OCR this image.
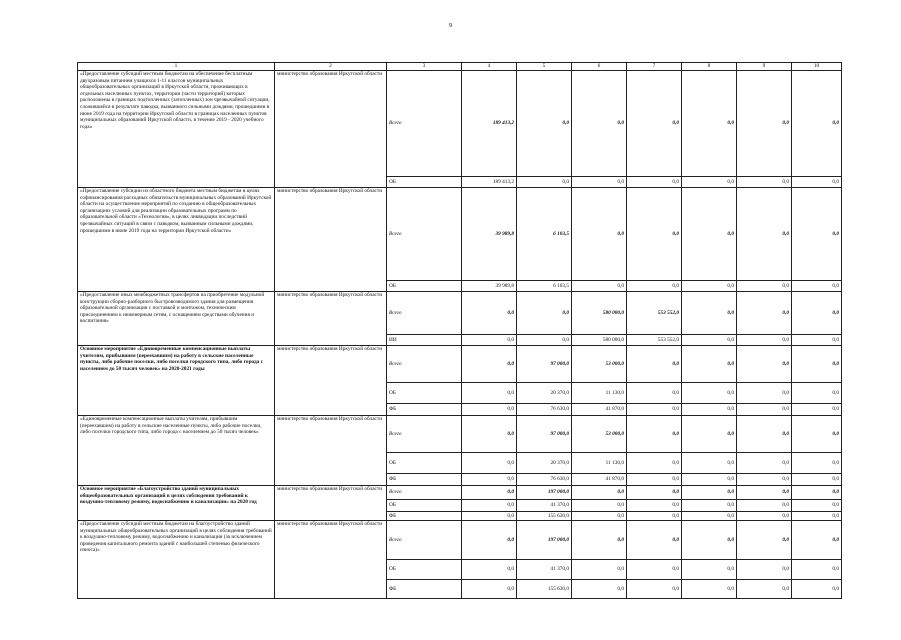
9
1	2	3	4	5	6	7	8	9	10
«Предоставление субсидий местным бюджетам на обеспечение бесплатным двухразовым питанием учащихся 1-11 классов муниципальных общеобразовательных организаций в Иркутской области, проживающих в отдельных населенных пунктах, территории (части территорий) которых расположены в границах подтопленных (затопленных) зон чрезвычайной ситуации, сложившейся в результате паводка, вызванного сильными дождями, прошедшими в июне 2019 года на территории Иркутской области в границах населенных пунктов муниципальных образований Иркутской области, в течение 2019 - 2020 учебного года»	министерство образования Иркутской области	Всего	189 413,2	0,0	0,0	0,0	0,0	0,0	0,0
		ОБ	189 413,2	0,0	0,0	0,0	0,0	0,0	0,0
«Предоставление субсидии из областного бюджета местным бюджетам в целях софинансирования расходных обязательств муниципальных образований Иркутской области на осуществление мероприятий по созданию в общеобразовательных организациях условий для реализации образовательных программ по образовательной области «Технология», в целях ликвидации последствий чрезвычайных ситуаций в связи с паводком, вызванным сильными дождями, прошедшими в июне 2019 года на территории Иркутской области»	министерство образования Иркутской области	Всего	39 989,8	6 103,5	0,0	0,0	0,0	0,0	0,0
		ОБ	39 989,8	6 103,5	0,0	0,0	0,0	0,0	0,0
«Предоставление иных межбюджетных трансфертов на приобретение модульной конструкции сборно-разборного быстровозводимого здания для размещения образовательной организации с поставкой и монтажом, техническим присоединением к инженерным сетям, с оснащением средствами обучения и воспитания»	министерство образования Иркутской области	Всего	0,0	0,0	580 000,0	553 552,0	0,0	0,0	0,0
		ИИ	0,0	0,0	580 000,0	553 552,0	0,0	0,0	0,0
Основное мероприятие «Единовременные компенсационные выплаты учителям, прибывшим (переехавшим) на работу в сельские населенные пункты, либо рабочие поселки, либо поселки городского типа, либо города с населением до 50 тысяч человек» на 2020-2021 годы	министерство образования Иркутской области	Всего	0,0	97 000,0	53 000,0	0,0	0,0	0,0	0,0
		ОБ	0,0	20 370,0	11 130,0	0,0	0,0	0,0	0,0
		ФБ	0,0	76 630,0	41 870,0	0,0	0,0	0,0	0,0
«Единовременные компенсационные выплаты учителям, прибывшим (переехавшим) на работу в сельские населенные пункты, либо рабочие поселки, либо поселки городского типа, либо города с населением до 50 тысяч человек»	министерство образования Иркутской области	Всего	0,0	97 000,0	53 000,0	0,0	0,0	0,0	0,0
		ОБ	0,0	20 370,0	11 130,0	0,0	0,0	0,0	0,0
		ФБ	0,0	76 630,0	41 870,0	0,0	0,0	0,0	0,0
Основное мероприятие «Благоустройство зданий муниципальных общеобразовательных организаций в целях соблюдения требований к воздушно-тепловому режиму, водоснабжению и канализации» на 2020 год	министерство образования Иркутской области	Всего	0,0	197 000,0	0,0	0,0	0,0	0,0	0,0
		ОБ	0,0	41 370,0	0,0	0,0	0,0	0,0	0,0
		ФБ	0,0	155 630,0	0,0	0,0	0,0	0,0	0,0
«Предоставление субсидий местным бюджетам на благоустройство зданий муниципальных общеобразовательных организаций в целях соблюдения требований к воздушно-тепловому режиму, водоснабжению и канализации (за исключением проведения капитального ремонта зданий с наибольшей степенью физического износа)»	министерство образования Иркутской области	Всего	0,0	197 000,0	0,0	0,0	0,0	0,0	0,0
		ОБ	0,0	41 370,0	0,0	0,0	0,0	0,0	0,0
		ФБ	0,0	155 630,0	0,0	0,0	0,0	0,0	0,0
